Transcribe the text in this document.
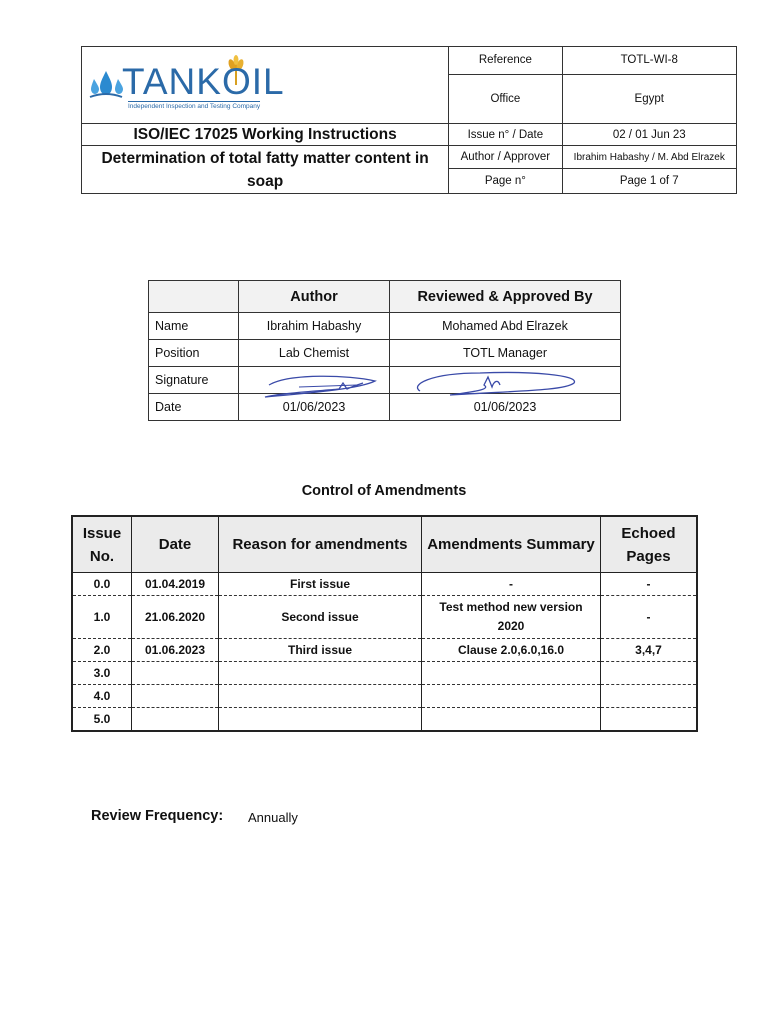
TANKOIL
Independent Inspection and Testing Company	Reference	TOTL-WI-8
	Office	Egypt
ISO/IEC 17025 Working Instructions	Issue n° / Date	02 / 01 Jun 23
Determination of total fatty matter content in soap	Author / Approver	Ibrahim Habashy / M. Abd Elrazek
	Page n°	Page 1 of 7
	Author	Reviewed & Approved By
Name	Ibrahim Habashy	Mohamed Abd Elrazek
Position	Lab Chemist	TOTL Manager
Signature	

Date	01/06/2023	01/06/2023
Control of Amendments
Issue No.	Date	Reason for amendments	Amendments Summary	Echoed Pages
0.0	01.04.2019	First issue	-	-
1.0	21.06.2020	Second issue	Test method new version 2020	-
2.0	01.06.2023	Third issue	Clause 2.0,6.0,16.0	3,4,7
3.0				
4.0				
5.0				
Review Frequency: Annually
